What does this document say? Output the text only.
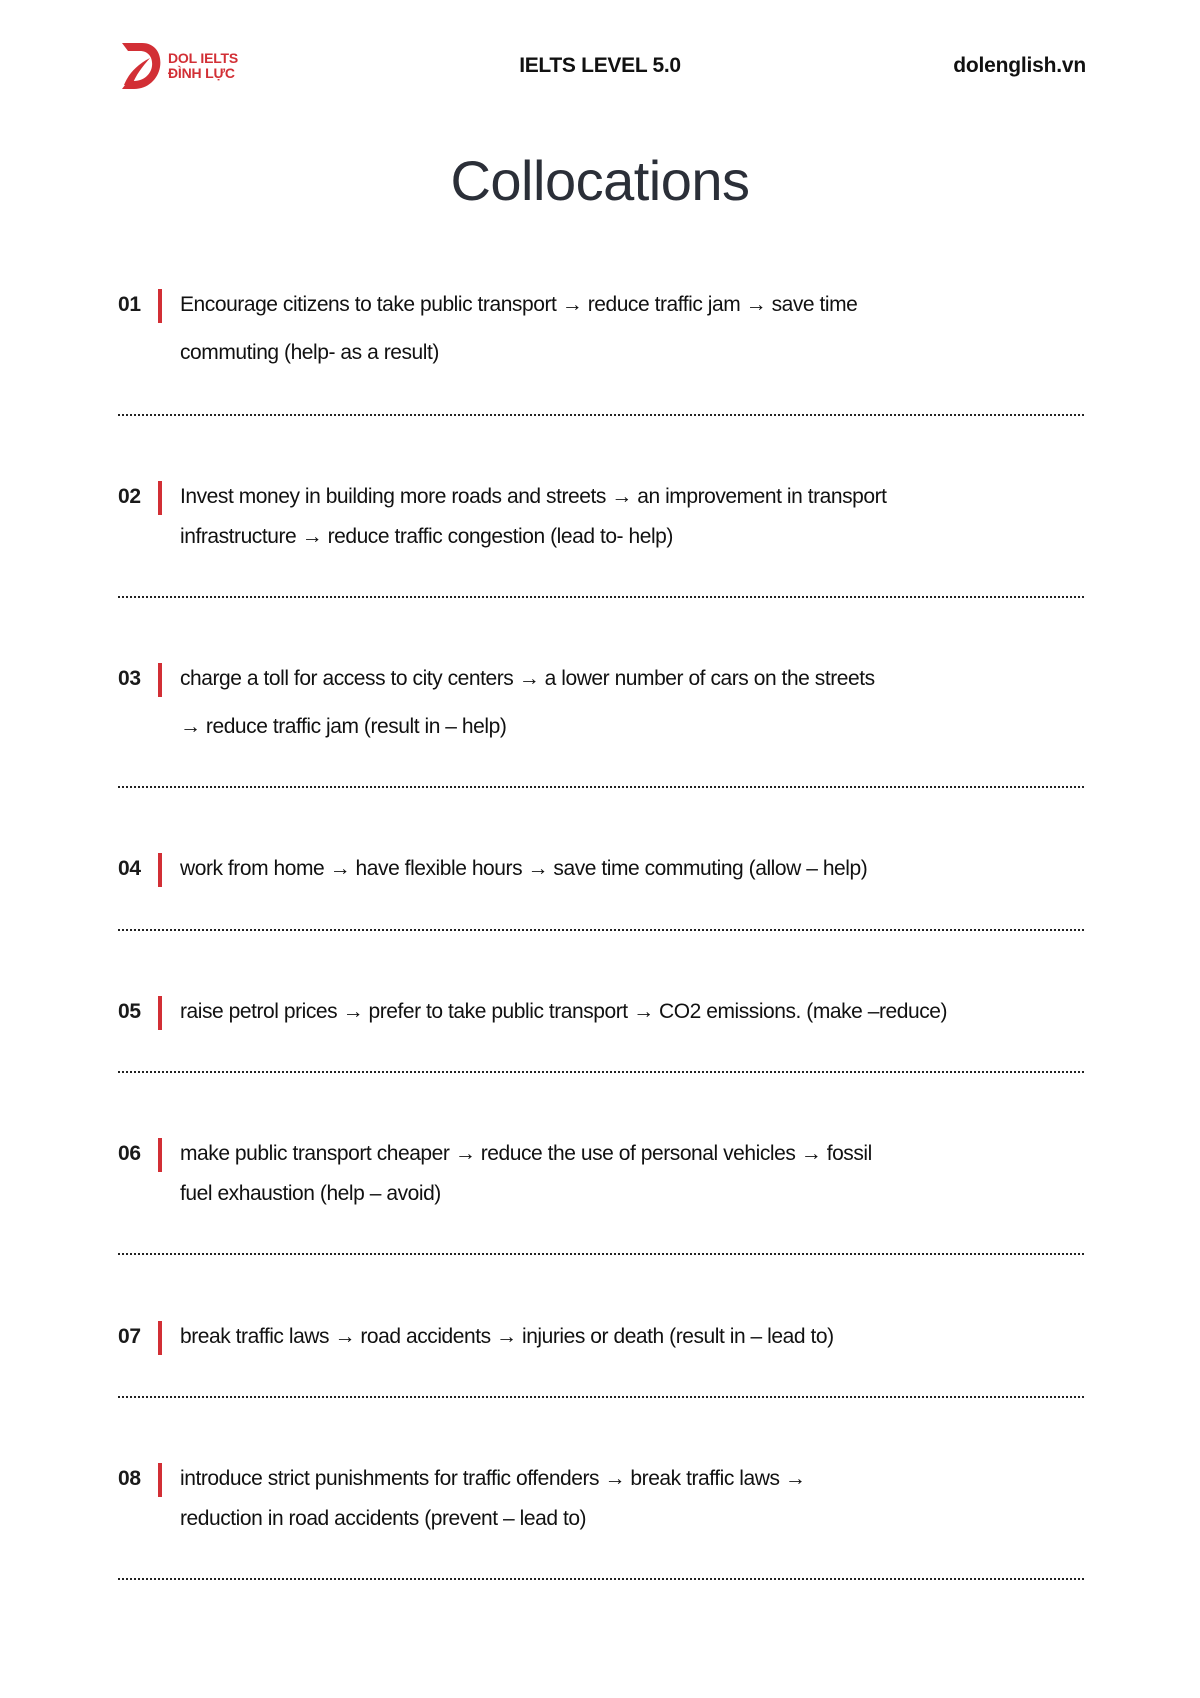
DOL IELTS
ĐÌNH LỰC	IELTS LEVEL 5.0	dolenglish.vn
Collocations
01 Encourage citizens to take public transport → reduce traffic jam → save time
commuting (help- as a result)
02 Invest money in building more roads and streets → an improvement in transport
infrastructure → reduce traffic congestion (lead to- help)
03 charge a toll for access to city centers → a lower number of cars on the streets
→ reduce traffic jam (result in – help)
04 work from home → have flexible hours → save time commuting (allow – help)
05 raise petrol prices → prefer to take public transport → CO2 emissions. (make –reduce)
06 make public transport cheaper → reduce the use of personal vehicles → fossil
fuel exhaustion (help – avoid)
07 break traffic laws → road accidents → injuries or death (result in – lead to)
08 introduce strict punishments for traffic offenders → break traffic laws →
reduction in road accidents (prevent – lead to)
